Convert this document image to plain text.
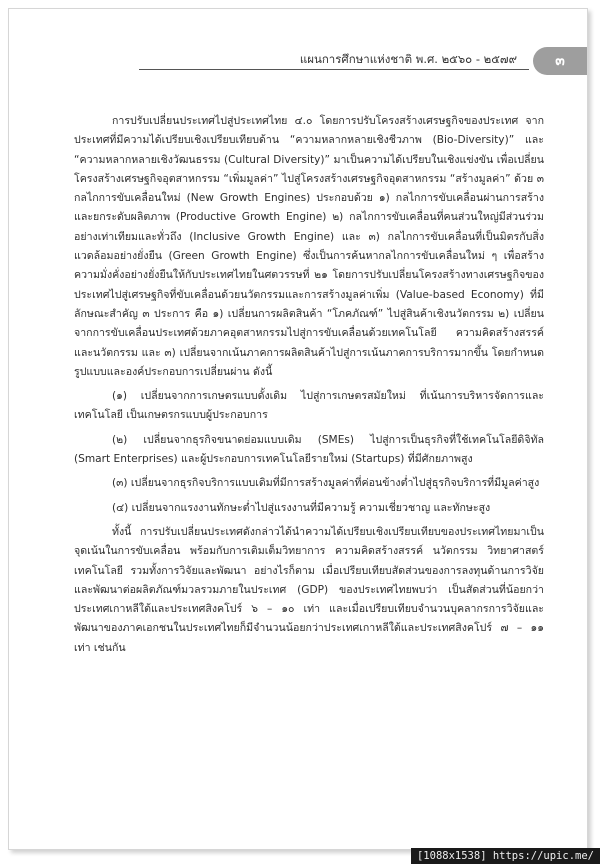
แผนการศึกษาแห่งชาติ พ.ศ. ๒๕๖๐ - ๒๕๗๙	๓

การปรับเปลี่ยนประเทศไปสู่ประเทศไทย ๔.๐ โดยการปรับโครงสร้างเศรษฐกิจของประเทศ จากประเทศที่มีความได้เปรียบเชิงเปรียบเทียบด้าน “ความหลากหลายเชิงชีวภาพ (Bio-Diversity)” และ “ความหลากหลายเชิงวัฒนธรรม (Cultural Diversity)” มาเป็นความได้เปรียบในเชิงแข่งขัน เพื่อเปลี่ยนโครงสร้างเศรษฐกิจอุตสาหกรรม “เพิ่มมูลค่า” ไปสู่โครงสร้างเศรษฐกิจอุตสาหกรรม “สร้างมูลค่า” ด้วย ๓ กลไกการขับเคลื่อนใหม่ (New Growth Engines) ประกอบด้วย ๑) กลไกการขับเคลื่อนผ่านการสร้างและยกระดับผลิตภาพ (Productive Growth Engine) ๒) กลไกการขับเคลื่อนที่คนส่วนใหญ่มีส่วนร่วมอย่างเท่าเทียมและทั่วถึง (Inclusive Growth Engine) และ ๓) กลไกการขับเคลื่อนที่เป็นมิตรกับสิ่งแวดล้อมอย่างยั่งยืน (Green Growth Engine) ซึ่งเป็นการค้นหากลไกการขับเคลื่อนใหม่ ๆ เพื่อสร้างความมั่งคั่งอย่างยั่งยืนให้กับประเทศไทยในศตวรรษที่ ๒๑ โดยการปรับเปลี่ยนโครงสร้างทางเศรษฐกิจของประเทศไปสู่เศรษฐกิจที่ขับเคลื่อนด้วยนวัตกรรมและการสร้างมูลค่าเพิ่ม (Value-based Economy) ที่มีลักษณะสำคัญ ๓ ประการ คือ ๑) เปลี่ยนการผลิตสินค้า “โภคภัณฑ์” ไปสู่สินค้าเชิงนวัตกรรม ๒) เปลี่ยนจากการขับเคลื่อนประเทศด้วยภาคอุตสาหกรรมไปสู่การขับเคลื่อนด้วยเทคโนโลยี ความคิดสร้างสรรค์ และนวัตกรรม และ ๓) เปลี่ยนจากเน้นภาคการผลิตสินค้าไปสู่การเน้นภาคการบริการมากขึ้น โดยกำหนดรูปแบบและองค์ประกอบการเปลี่ยนผ่าน ดังนี้

(๑) เปลี่ยนจากการเกษตรแบบดั้งเดิม ไปสู่การเกษตรสมัยใหม่ ที่เน้นการบริหารจัดการและเทคโนโลยี เป็นเกษตรกรแบบผู้ประกอบการ

(๒) เปลี่ยนจากธุรกิจขนาดย่อมแบบเดิม (SMEs) ไปสู่การเป็นธุรกิจที่ใช้เทคโนโลยีดิจิทัล (Smart Enterprises) และผู้ประกอบการเทคโนโลยีรายใหม่ (Startups) ที่มีศักยภาพสูง

(๓) เปลี่ยนจากธุรกิจบริการแบบเดิมที่มีการสร้างมูลค่าที่ค่อนข้างต่ำไปสู่ธุรกิจบริการที่มีมูลค่าสูง

(๔) เปลี่ยนจากแรงงานทักษะต่ำไปสู่แรงงานที่มีความรู้ ความเชี่ยวชาญ และทักษะสูง

ทั้งนี้ การปรับเปลี่ยนประเทศดังกล่าวได้นำความได้เปรียบเชิงเปรียบเทียบของประเทศไทยมาเป็นจุดเน้นในการขับเคลื่อน พร้อมกับการเติมเต็มวิทยาการ ความคิดสร้างสรรค์ นวัตกรรม วิทยาศาสตร์ เทคโนโลยี รวมทั้งการวิจัยและพัฒนา อย่างไรก็ตาม เมื่อเปรียบเทียบสัดส่วนของการลงทุนด้านการวิจัยและพัฒนาต่อผลิตภัณฑ์มวลรวมภายในประเทศ (GDP) ของประเทศไทยพบว่า เป็นสัดส่วนที่น้อยกว่าประเทศเกาหลีใต้และประเทศสิงคโปร์ ๖ – ๑๐ เท่า และเมื่อเปรียบเทียบจำนวนบุคลากรการวิจัยและพัฒนาของภาคเอกชนในประเทศไทยก็มีจำนวนน้อยกว่าประเทศเกาหลีใต้และประเทศสิงคโปร์ ๗ – ๑๑ เท่า เช่นกัน

[1088x1538] https://upic.me/
